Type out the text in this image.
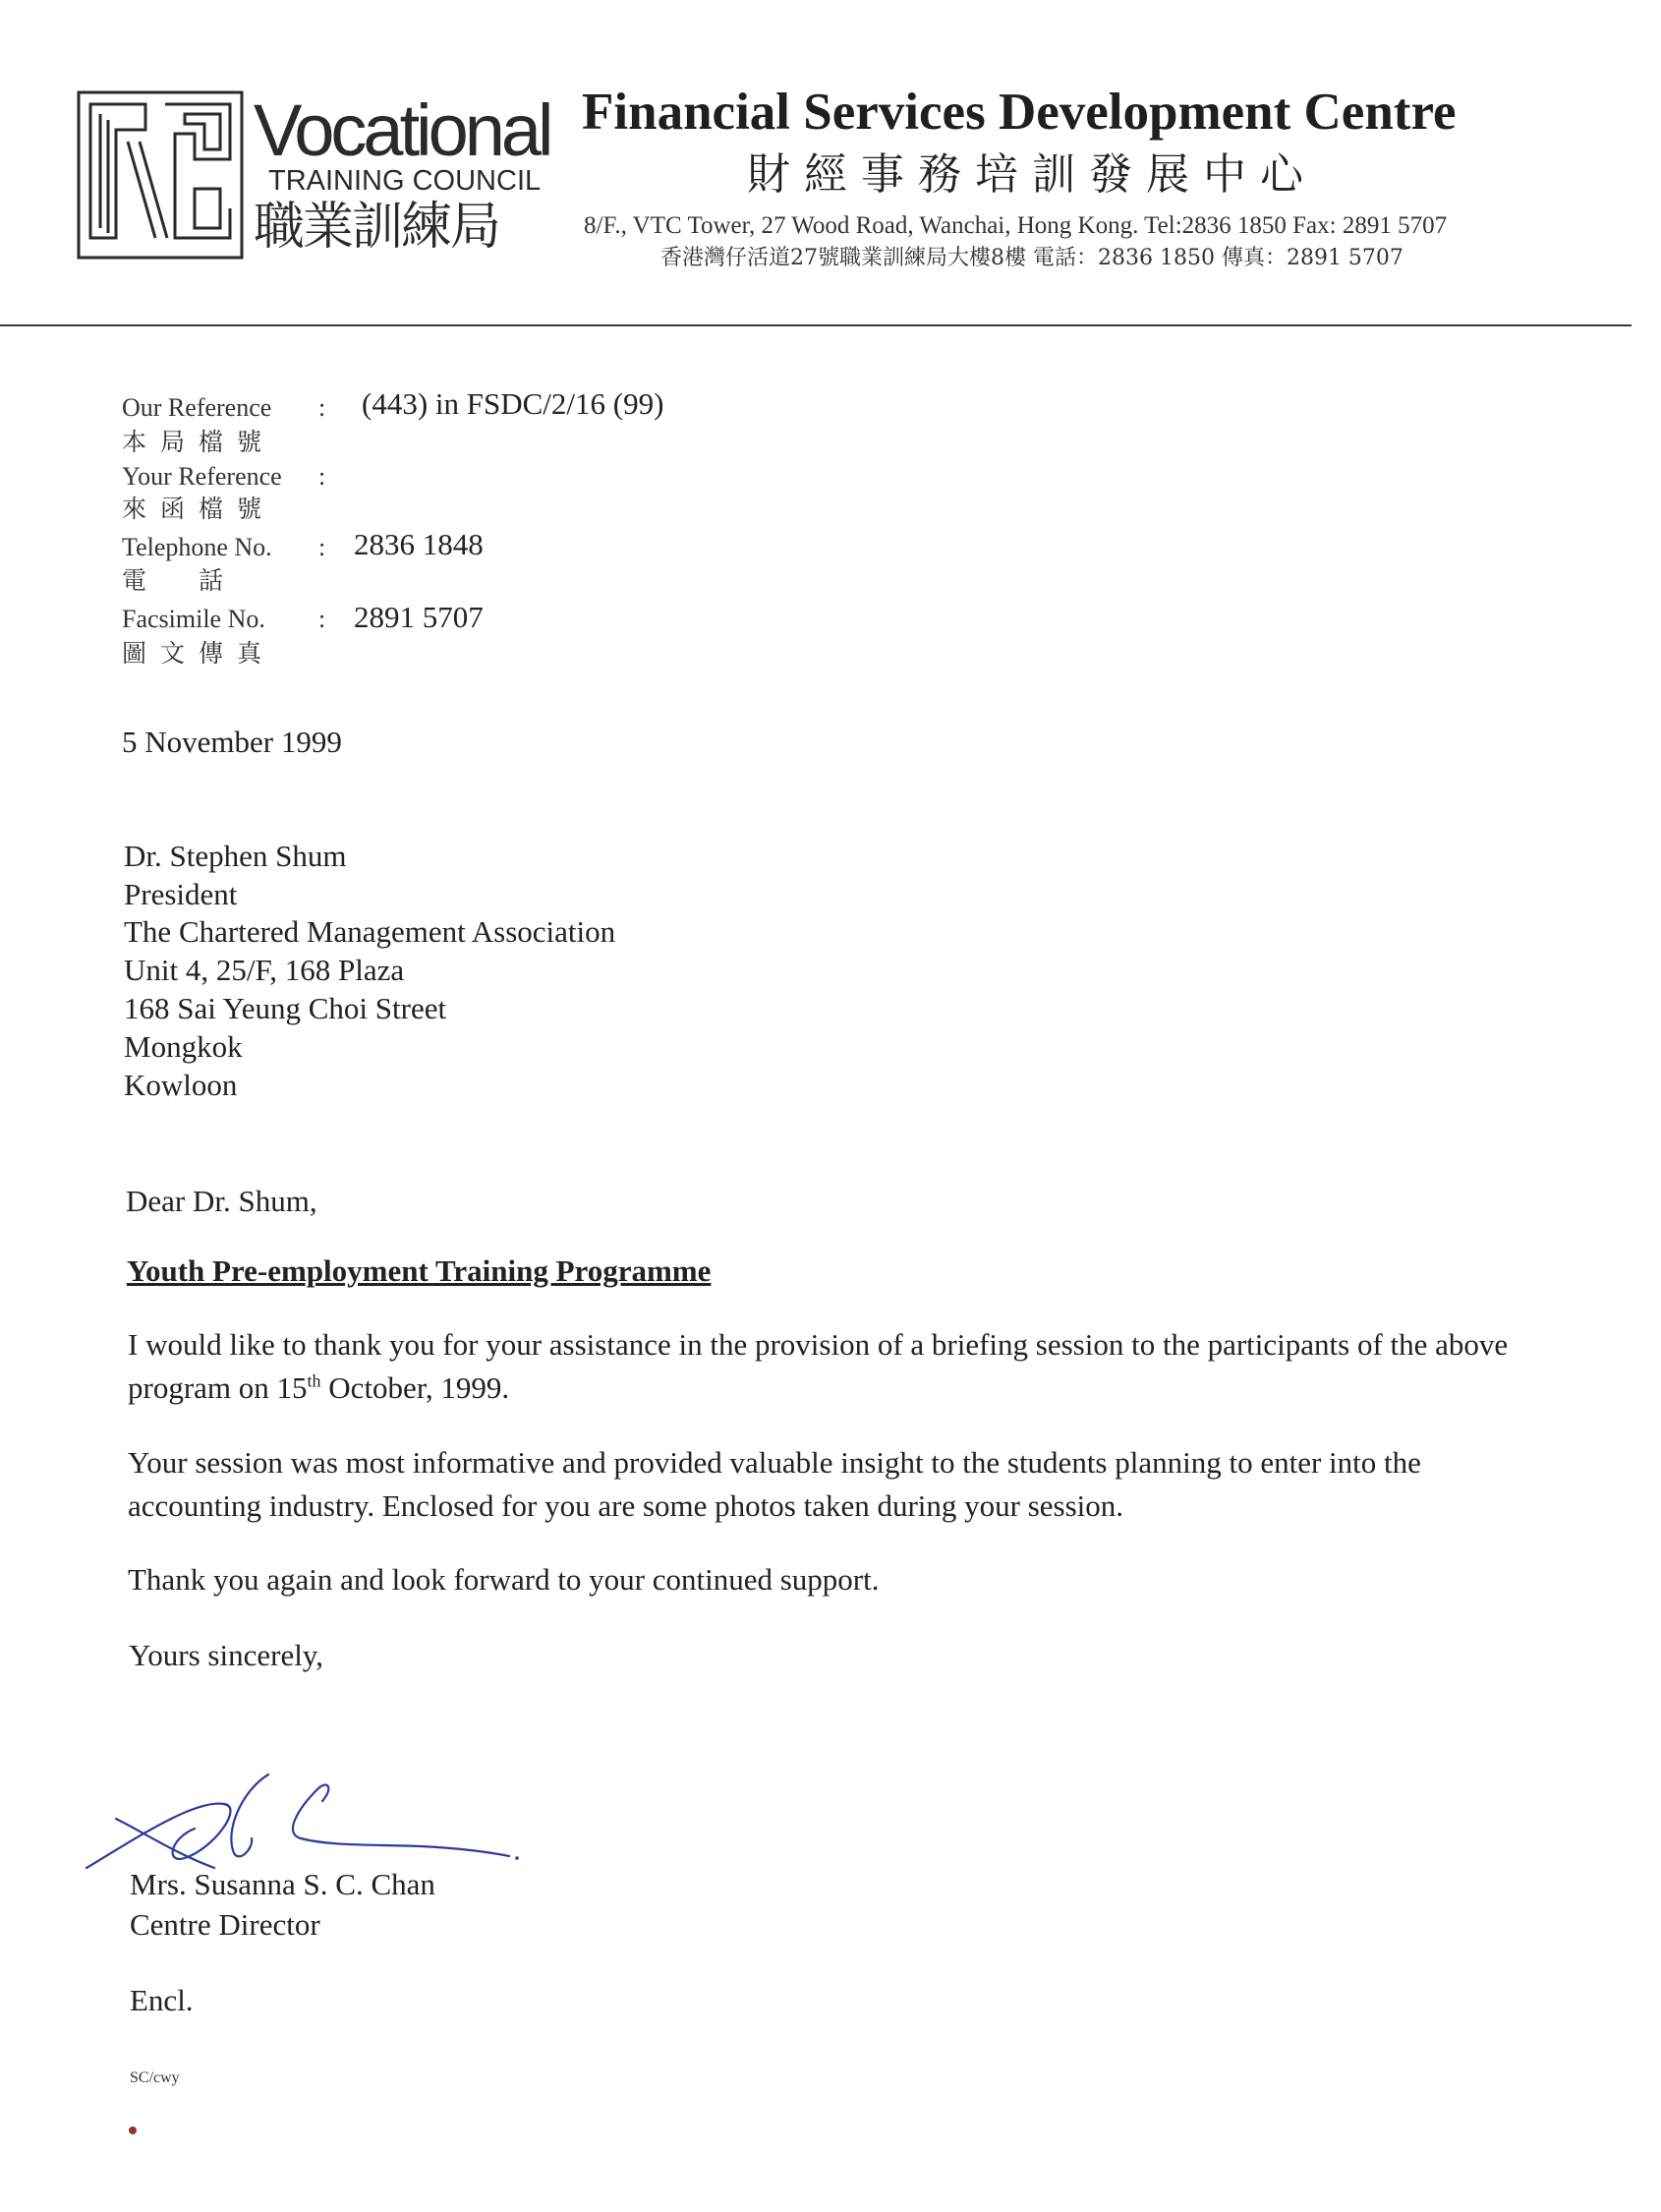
Vocational
TRAINING COUNCIL
職業訓練局
Financial Services Development Centre
財經事務培訓發展中心
8/F., VTC Tower, 27 Wood Road, Wanchai, Hong Kong. Tel:2836 1850 Fax: 2891 5707
香港灣仔活道27號職業訓練局大樓8樓 電話：2836 1850 傳真：2891 5707
Our Reference : (443) in FSDC/2/16 (99)
本局檔號
Your Reference :
來函檔號
Telephone No. : 2836 1848
電　話
Facsimile No. : 2891 5707
圖文傳真
5 November 1999
Dr. Stephen Shum
President
The Chartered Management Association
Unit 4, 25/F, 168 Plaza
168 Sai Yeung Choi Street
Mongkok
Kowloon
Dear Dr. Shum,
Youth Pre-employment Training Programme
I would like to thank you for your assistance in the provision of a briefing session to the participants of the above program on 15th October, 1999.
Your session was most informative and provided valuable insight to the students planning to enter into the accounting industry. Enclosed for you are some photos taken during your session.
Thank you again and look forward to your continued support.
Yours sincerely,
Mrs. Susanna S. C. Chan
Centre Director
Encl.
SC/cwy
